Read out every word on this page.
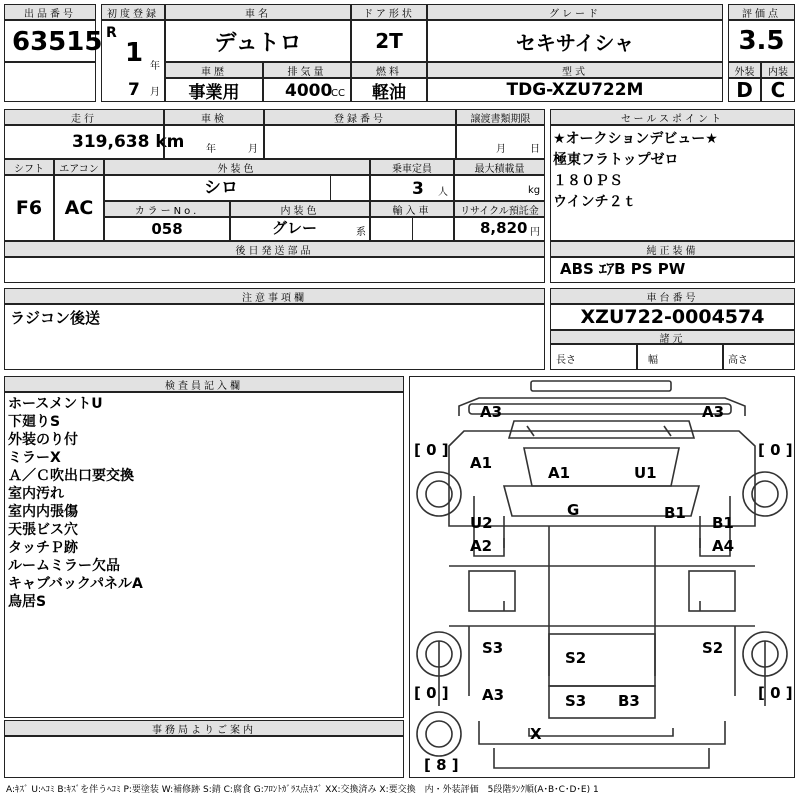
出品番号
63515
初度登録
R
1 年
7 月
車名
デュトロ
ドア形状
2T
グレード
セキサイシャ
評価点
3.5
車歴
事業用
排気量
4000
CC
燃料
軽油
型式
TDG-XZU722M
外装	内装
D C
走行
319,638 km
車検
年	月
登録番号	譲渡書類期限
月 日
シフト
F6
エアコン
AC
外装色
シロ
乗車定員
3 人
最大積載量
kg
カラーNo.
058
内装色
グレー	系
輸入車	リサイクル預託金
8,820 円
後日発送部品
セールスポイント
★オークションデビュー★
極東フラトップゼロ
１８０ＰＳ
ウインチ２ｔ
純正装備
ABS ｴｱB PS PW
注意事項欄
ラジコン後送
車台番号
XZU722-0004574
諸元
長さ	幅	高さ
検査員記入欄
ホースメントU
下廻りS
外装のり付
ミラーX
Ａ／Ｃ吹出口要交換
室内汚れ
室内内張傷
天張ビス穴
タッチＰ跡
ルームミラー欠品
キャブバックパネルA
鳥居S
事務局よりご案内
[ 0 ]	[ 0 ]
[ 0 ]	[ 0 ]
[ 8 ]
A3	A3
A1
A1	U1
G	B1
U2	B1
A2	A4
S3
S2
S2
A3	S3 B3
X
A:ｷｽﾞ U:ﾍｺﾐ B:ｷｽﾞを伴うﾍｺﾐ P:要塗装 W:補修跡 S:錆 C:腐食 G:ﾌﾛﾝﾄｶﾞﾗｽ点ｷｽﾞ XX:交換済み X:要交換　内・外装評価　5段階ﾗﾝｸ順(A･B･C･D･E) 1
